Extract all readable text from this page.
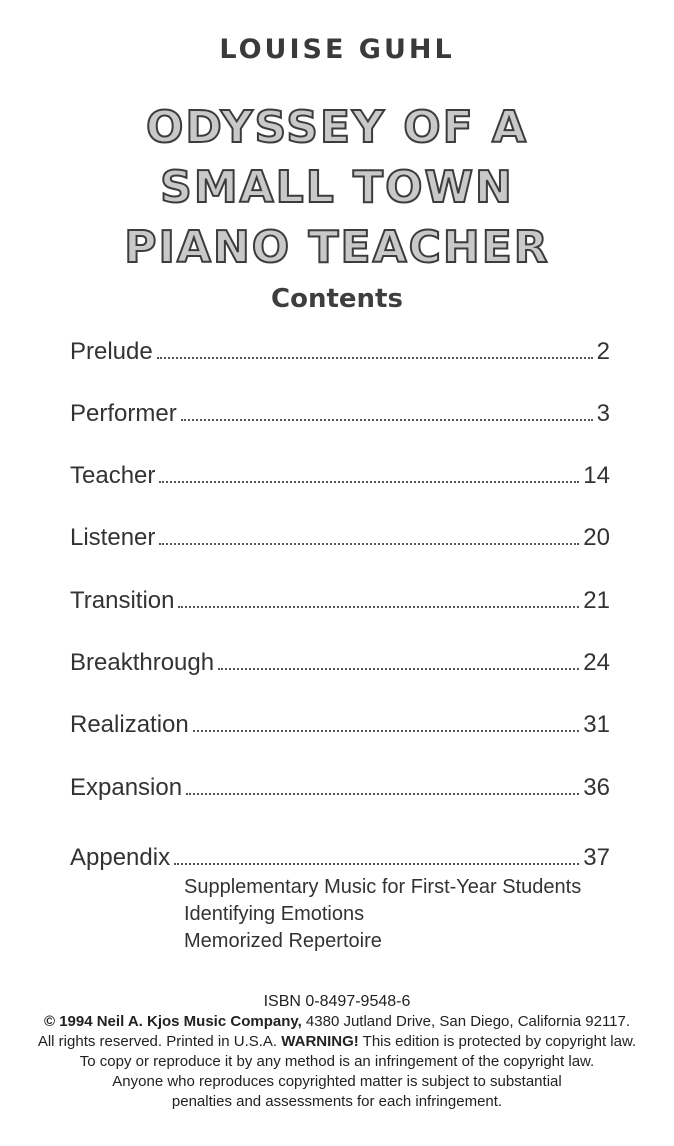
LOUISE GUHL
ODYSSEY OF A
SMALL TOWN
PIANO TEACHER
Contents
Prelude	2
Performer	3
Teacher	14
Listener	20
Transition	21
Breakthrough	24
Realization	31
Expansion	36
Appendix	37
Supplementary Music for First-Year Students
Identifying Emotions
Memorized Repertoire
ISBN 0-8497-9548-6
© 1994 Neil A. Kjos Music Company, 4380 Jutland Drive, San Diego, California 92117.
All rights reserved. Printed in U.S.A. WARNING! This edition is protected by copyright law.
To copy or reproduce it by any method is an infringement of the copyright law.
Anyone who reproduces copyrighted matter is subject to substantial
penalties and assessments for each infringement.
